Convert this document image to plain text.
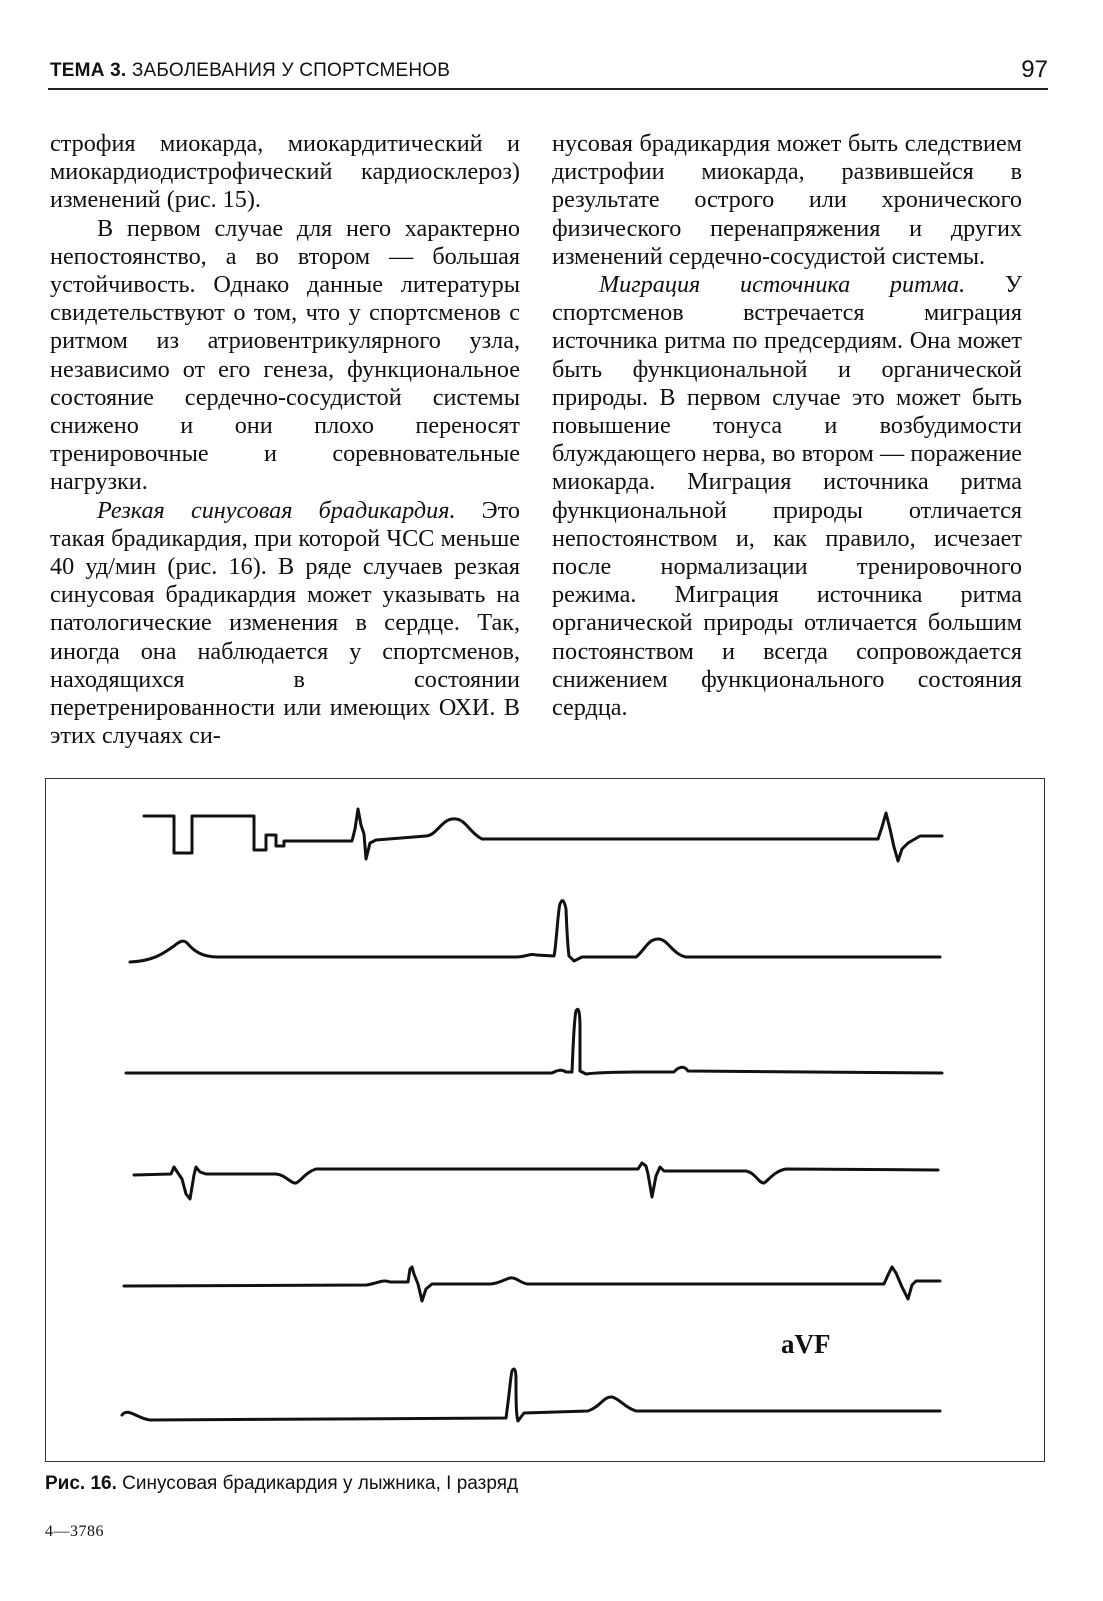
ТЕМА 3. ЗАБОЛЕВАНИЯ У СПОРТСМЕНОВ	97

строфия миокарда, миокардитический и миокардиодистрофический кардиосклероз) изменений (рис. 15).

В первом случае для него характерно непостоянство, а во втором — большая устойчивость. Однако данные литературы свидетельствуют о том, что у спортсменов с ритмом из атриовентрикулярного узла, независимо от его генеза, функциональное состояние сердечно-сосудистой системы снижено и они плохо переносят тренировочные и соревновательные нагрузки.

Резкая синусовая брадикардия. Это такая брадикардия, при которой ЧСС меньше 40 уд/мин (рис. 16). В ряде случаев резкая синусовая брадикардия может указывать на патологические изменения в сердце. Так, иногда она наблюдается у спортсменов, находящихся в состоянии перетренированности или имеющих ОХИ. В этих случаях си-

нусовая брадикардия может быть следствием дистрофии миокарда, развившейся в результате острого или хронического физического перенапряжения и других изменений сердечно-сосудистой системы.

Миграция источника ритма. У спортсменов встречается миграция источника ритма по предсердиям. Она может быть функциональной и органической природы. В первом случае это может быть повышение тонуса и возбудимости блуждающего нерва, во втором — поражение миокарда. Миграция источника ритма функциональной природы отличается непостоянством и, как правило, исчезает после нормализации тренировочного режима. Миграция источника ритма органической природы отличается большим постоянством и всегда сопровождается снижением функционального состояния сердца.

aVF
Рис. 16. Синусовая брадикардия у лыжника, I разряд
4—3786
